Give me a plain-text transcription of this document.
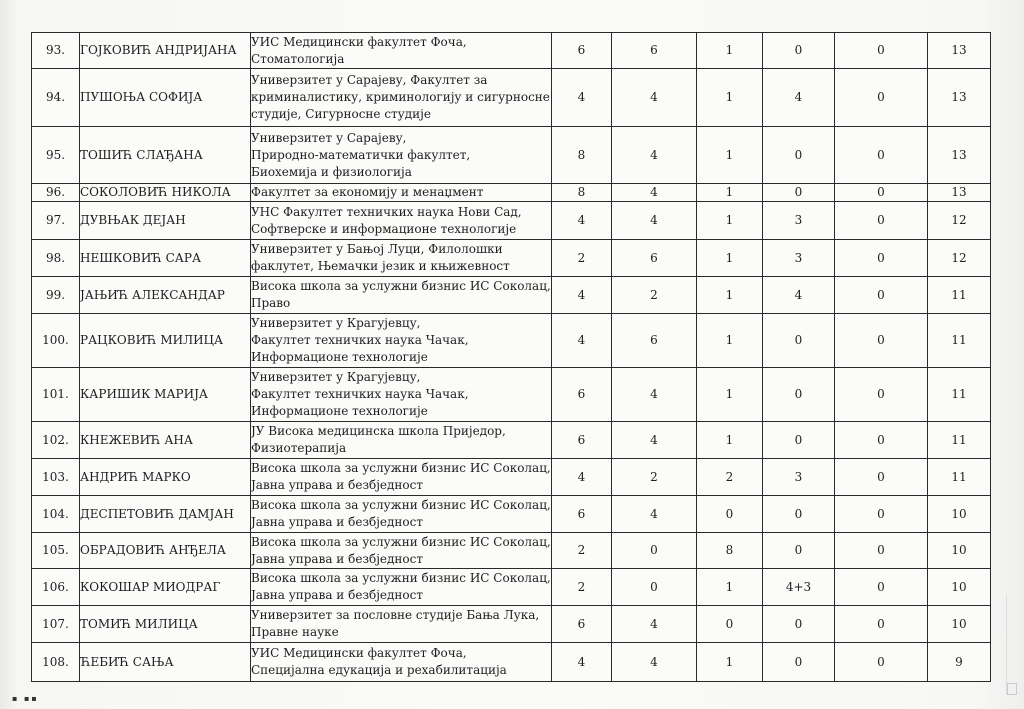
93.	ГОЈКОВИЋ АНДРИЈАНА	УИС Медицински факултет Фоча,
Стоматологија	6	6	1	0	0	13
94.	ПУШОЊА СОФИЈА	Универзитет у Сарајеву, Факултет за
криминалистику, криминологију и сигурносне
студије, Сигурносне студије	4	4	1	4	0	13
95.	ТОШИЋ СЛАЂАНА	Универзитет у Сарајеву,
Природно-математички факултет,
Биохемија и физиологија	8	4	1	0	0	13
96.	СОКОЛОВИЋ НИКОЛА	Факултет за економију и менаџмент	8	4	1	0	0	13
97.	ДУВЊАК ДЕЈАН	УНС Факултет техничких наука Нови Сад,
Софтверске и информационе технологије	4	4	1	3	0	12
98.	НЕШКОВИЋ САРА	Универзитет у Бањој Луци, Филолошки
факлутет, Њемачки језик и књижевност	2	6	1	3	0	12
99.	ЈАЊИЋ АЛЕКСАНДАР	Висока школа за услужни бизнис ИС Соколац,
Право	4	2	1	4	0	11
100.	РАЦКОВИЋ МИЛИЦА	Универзитет у Крагујевцу,
Факултет техничких наука Чачак,
Информационе технологије	4	6	1	0	0	11
101.	КАРИШИК МАРИЈА	Универзитет у Крагујевцу,
Факултет техничких наука Чачак,
Информационе технологије	6	4	1	0	0	11
102.	КНЕЖЕВИЋ АНА	ЈУ Висока медицинска школа Приједор,
Физиотерапија	6	4	1	0	0	11
103.	АНДРИЋ МАРКО	Висока школа за услужни бизнис ИС Соколац,
Јавна управа и безбједност	4	2	2	3	0	11
104.	ДЕСПЕТОВИЋ ДАМЈАН	Висока школа за услужни бизнис ИС Соколац,
Јавна управа и безбједност	6	4	0	0	0	10
105.	ОБРАДОВИЋ АНЂЕЛА	Висока школа за услужни бизнис ИС Соколац,
Јавна управа и безбједност	2	0	8	0	0	10
106.	КОКОШАР МИОДРАГ	Висока школа за услужни бизнис ИС Соколац,
Јавна управа и безбједност	2	0	1	4+3	0	10
107.	ТОМИЋ МИЛИЦА	Универзитет за пословне студије Бања Лука,
Правне науке	6	4	0	0	0	10
108.	ЋЕБИЋ САЊА	УИС Медицински факултет Фоча,
Специјална едукација и рехабилитација	4	4	1	0	0	9
▪ ▪▪
